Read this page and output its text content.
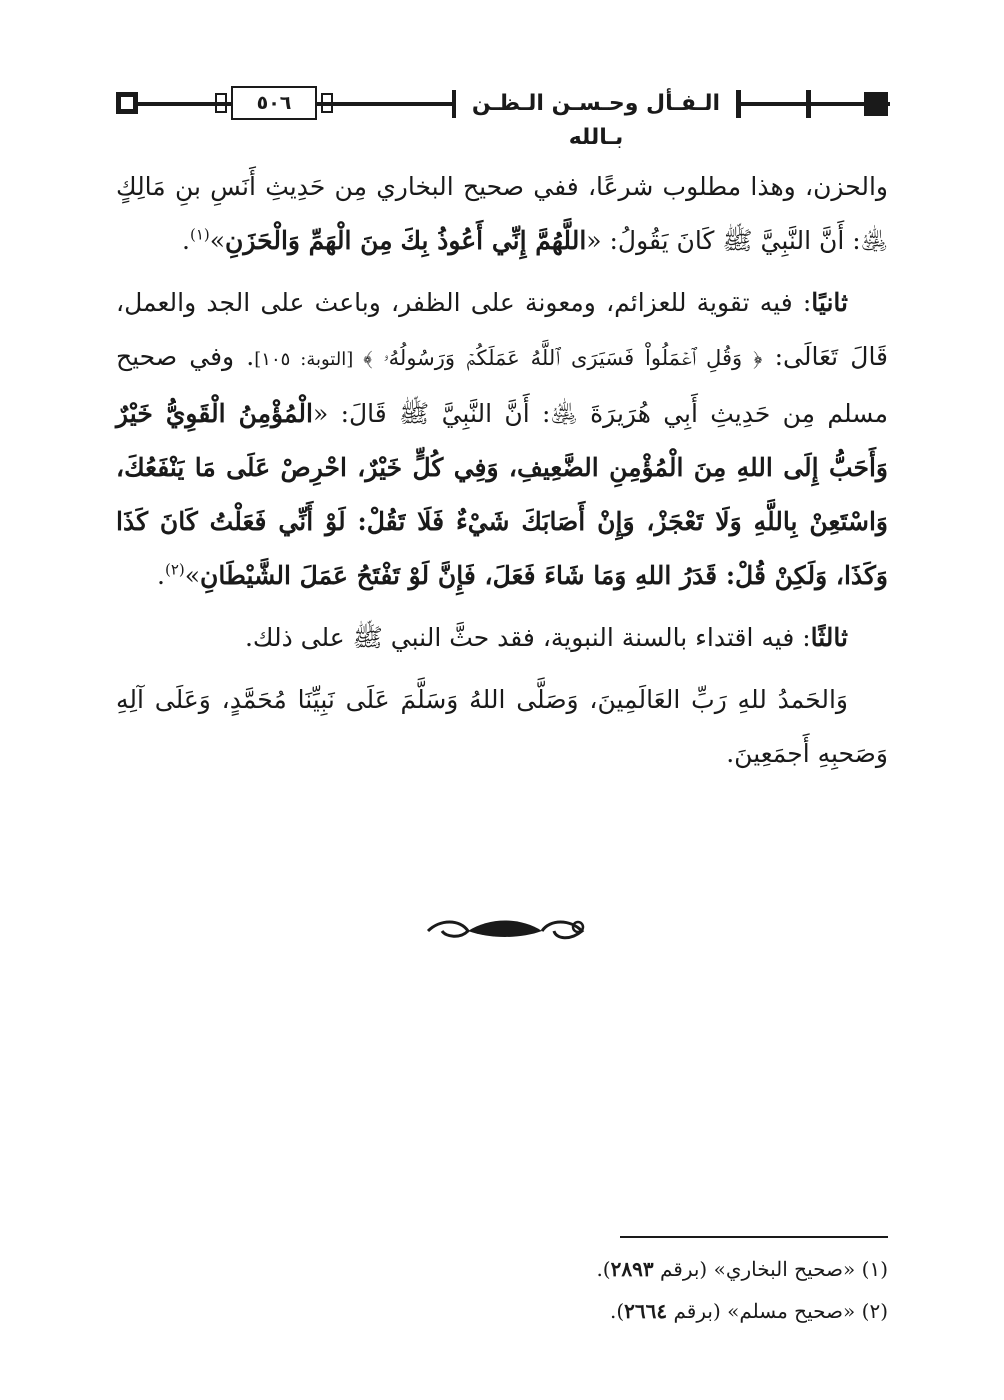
٥٠٦	الـفـأل وحـسـن الـظـن بـالله

والحزن، وهذا مطلوب شرعًا، ففي صحيح البخاري مِن حَدِيثِ أَنَسِ بنِ مَالِكٍ ﵁: أَنَّ النَّبِيَّ ﷺ كَانَ يَقُولُ: «اللَّهُمَّ إِنِّي أَعُوذُ بِكَ مِنَ الْهَمِّ وَالْحَزَنِ»$^{(١)}$.

ثانيًا: فيه تقوية للعزائم، ومعونة على الظفر، وباعث على الجد والعمل، قَالَ تَعَالَى: ﴿ وَقُلِ ٱعۡمَلُواْ فَسَيَرَى ٱللَّهُ عَمَلَكُمۡ وَرَسُولُهُۥ ﴾ [التوبة: ١٠٥]. وفي صحيح مسلم مِن حَدِيثِ أَبِي هُرَيرَةَ ﵁: أَنَّ النَّبِيَّ ﷺ قَالَ: «الْمُؤْمِنُ الْقَوِيُّ خَيْرٌ وَأَحَبُّ إِلَى اللهِ مِنَ الْمُؤْمِنِ الضَّعِيفِ، وَفِي كُلٍّ خَيْرٌ، احْرِصْ عَلَى مَا يَنْفَعُكَ، وَاسْتَعِنْ بِاللَّهِ وَلَا تَعْجَزْ، وَإِنْ أَصَابَكَ شَيْءٌ فَلَا تَقُلْ: لَوْ أَنِّي فَعَلْتُ كَانَ كَذَا وَكَذَا، وَلَكِنْ قُلْ: قَدَرُ اللهِ وَمَا شَاءَ فَعَلَ، فَإِنَّ لَوْ تَفْتَحُ عَمَلَ الشَّيْطَانِ»$^{(٢)}$.

ثالثًا: فيه اقتداء بالسنة النبوية، فقد حثَّ النبي ﷺ على ذلك.

وَالحَمدُ للهِ رَبِّ العَالَمِينَ، وَصَلَّى اللهُ وَسَلَّمَ عَلَى نَبِيِّنَا مُحَمَّدٍ، وَعَلَى آلِهِ وَصَحبِهِ أَجمَعِينَ.

(١) «صحيح البخاري» (برقم ٢٨٩٣).
(٢) «صحيح مسلم» (برقم ٢٦٦٤).
